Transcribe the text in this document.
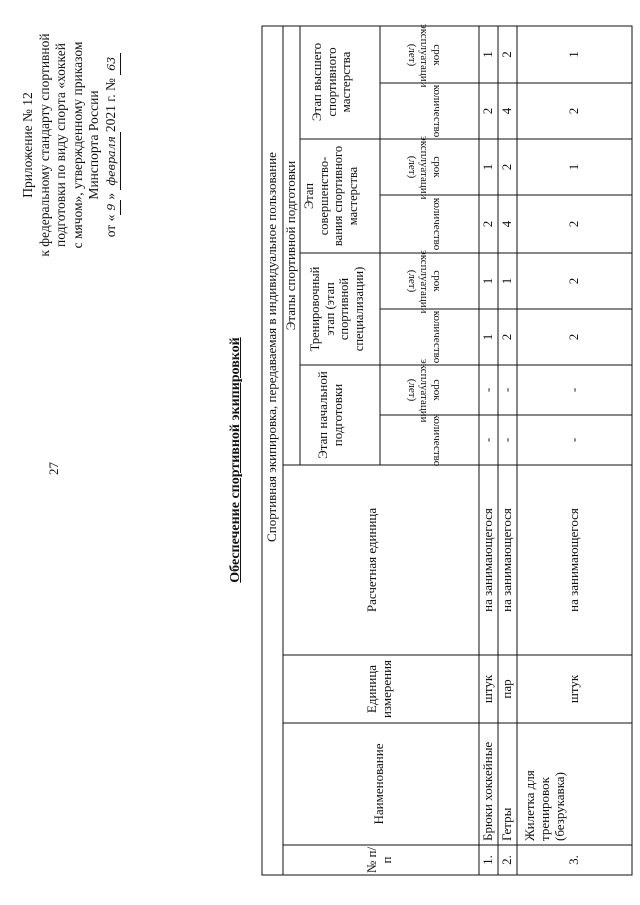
27
Приложение № 12 к федеральному стандарту спортивной подготовки по виду спорта «хоккей с мячом», утвержденному приказом Минспорта России
от «9» февраля2021 г. № 63
Обеспечение спортивной экипировкой Спортивная экипировка, передаваемая в индивидуальное пользование
№ п/п
Наименование
Единица измерения
Расчетная единица
Этапы спортивной подготовки
Этап начальной подготовки
Тренировочный этап (этап спортивной специализации)
Этап совершенство-вания спортивного мастерства
Этап высшего спортивного мастерства
количество
срок эксплуатации (лет)
количество
срок эксплуатации (лет)
количество
срок эксплуатации (лет)
количество
срок эксплуатации (лет)
1.
Брюки хоккейные
штук
на занимающегося
-
-
1
1
2
1
2
1
2.
Гетры
пар
на занимающегося
-
-
2
1
4
2
4
2
3.
Жилетка для тренировок (безрукавка)
штук
на занимающегося
-
-
2
2
2
1
2
1
